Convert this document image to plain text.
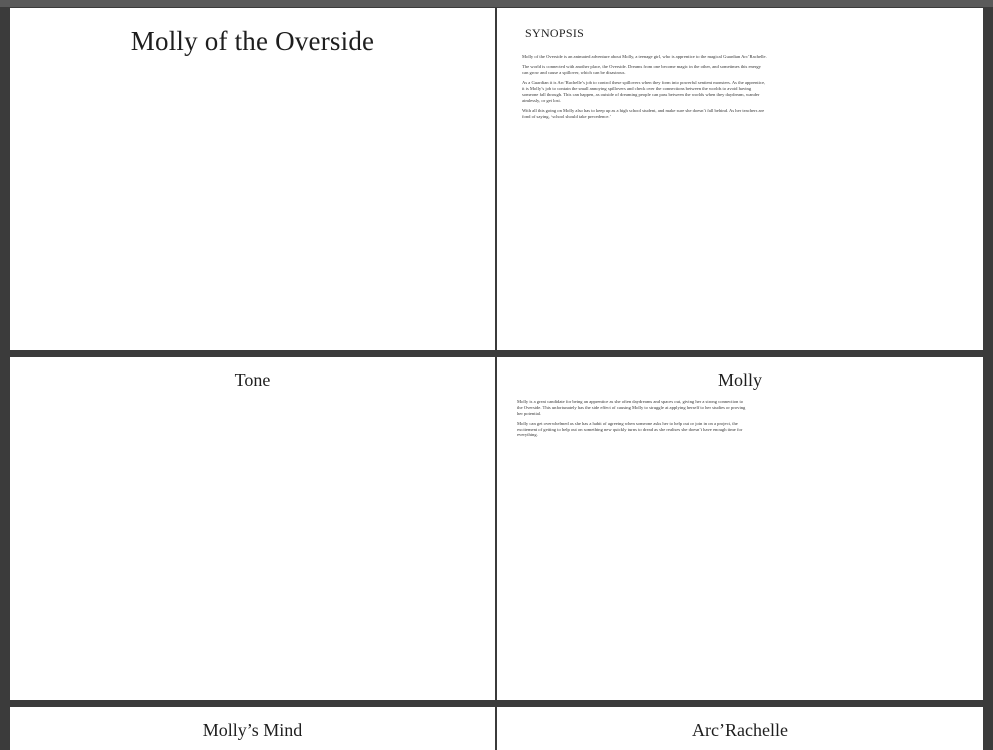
Molly of the Overside	SYNOPSIS

Molly of the Overside is an animated adventure about Molly, a teenage girl, who is apprentice to the magical Guardian Arc’Rachelle.

The world is connected with another place, the Overside. Dreams from one become magic in the other, and sometimes this energy can grow and cause a spillover, which can be disastrous.

As a Guardian it is Arc’Rachelle’s job to control these spillovers when they form into powerful sentient monsters. As the apprentice, it is Molly’s job to contain the small annoying spillovers and check over the connections between the worlds to avoid having someone fall through. This can happen, as outside of dreaming people can pass between the worlds when they daydream, wander aimlessly, or get lost.

With all this going on Molly also has to keep up as a high school student, and make sure she doesn’t fall behind. As her teachers are fond of saying, ‘school should take precedence.’

Tone	Molly

Molly is a great candidate for being an apprentice as she often daydreams and spaces out, giving her a strong connection to the Overside. This unfortunately has the side effect of causing Molly to struggle at applying herself to her studies or proving her potential.

Molly can get overwhelmed as she has a habit of agreeing when someone asks her to help out or join in on a project, the excitement of getting to help out on something new quickly turns to dread as she realises she doesn’t have enough time for everything.

Molly’s Mind	Arc’Rachelle
